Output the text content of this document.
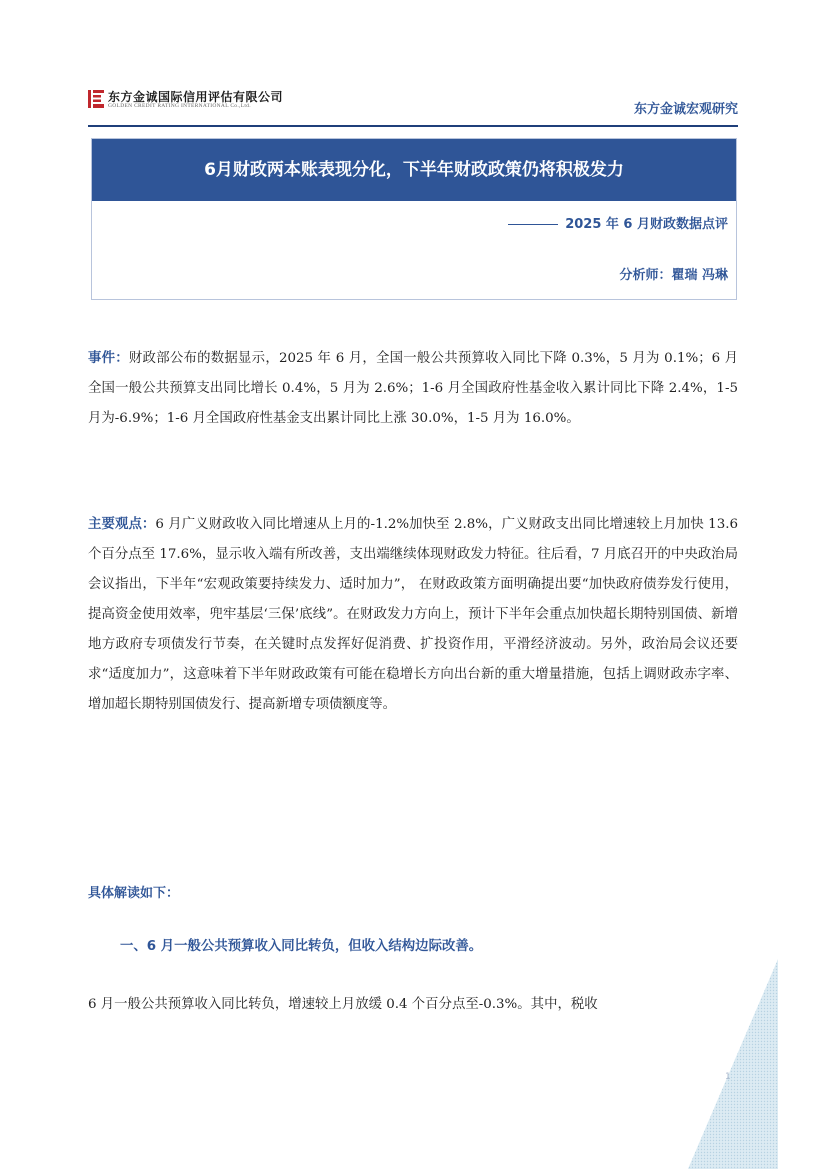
东方金诚国际信用评估有限公司
GOLDEN CREDIT RATING INTERNATIONAL Co.,Ltd.	东方金诚宏观研究
6月财政两本账表现分化，下半年财政政策仍将积极发力
2025 年 6 月财政数据点评
分析师：瞿瑞 冯琳
事件：财政部公布的数据显示，2025 年 6 月，全国一般公共预算收入同比下降 0.3%，5 月为 0.1%；6 月全国一般公共预算支出同比增长 0.4%，5 月为 2.6%；1-6 月全国政府性基金收入累计同比下降 2.4%，1-5 月为-6.9%；1-6 月全国政府性基金支出累计同比上涨 30.0%，1-5 月为 16.0%。
主要观点：6 月广义财政收入同比增速从上月的-1.2%加快至 2.8%，广义财政支出同比增速较上月加快 13.6 个百分点至 17.6%，显示收入端有所改善，支出端继续体现财政发力特征。往后看，7 月底召开的中央政治局会议指出，下半年“宏观政策要持续发力、适时加力”， 在财政政策方面明确提出要“加快政府债券发行使用，提高资金使用效率，兜牢基层‘三保’底线”。在财政发力方向上，预计下半年会重点加快超长期特别国债、新增地方政府专项债发行节奏，在关键时点发挥好促消费、扩投资作用，平滑经济波动。另外，政治局会议还要求“适度加力”，这意味着下半年财政政策有可能在稳增长方向出台新的重大增量措施，包括上调财政赤字率、增加超长期特别国债发行、提高新增专项债额度等。
具体解读如下：
一、6 月一般公共预算收入同比转负，但收入结构边际改善。
6 月一般公共预算收入同比转负，增速较上月放缓 0.4 个百分点至-0.3%。其中，税收
1
